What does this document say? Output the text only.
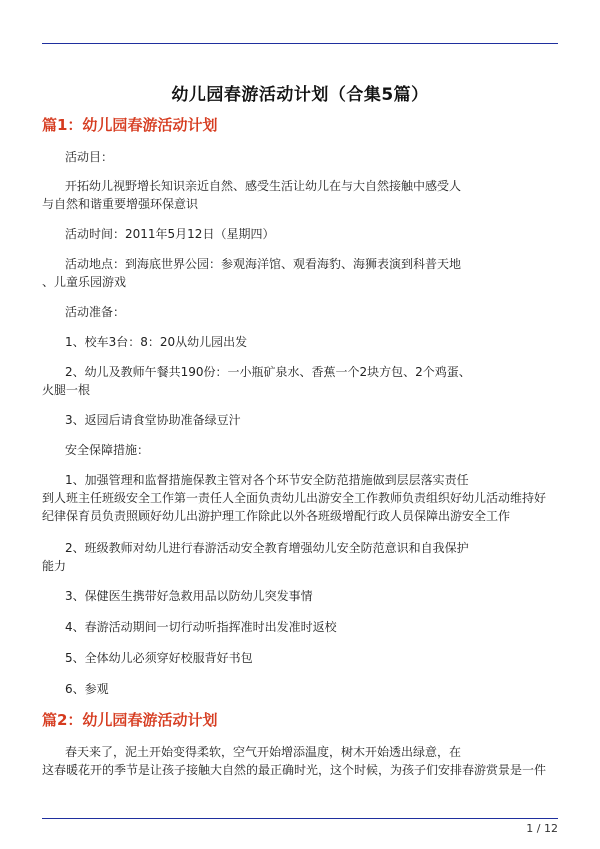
幼儿园春游活动计划（合集5篇）
篇1：幼儿园春游活动计划
活动目：
开拓幼儿视野增长知识亲近自然、感受生活让幼儿在与大自然接触中感受人
与自然和谐重要增强环保意识
活动时间：2011年5月12日（星期四）
活动地点：到海底世界公园：参观海洋馆、观看海豹、海狮表演到科普天地
、儿童乐园游戏
活动准备：
1、校车3台：8：20从幼儿园出发
2、幼儿及教师午餐共190份：一小瓶矿泉水、香蕉一个2块方包、2个鸡蛋、
火腿一根
3、返园后请食堂协助准备绿豆汁
安全保障措施：
1、加强管理和监督措施保教主管对各个环节安全防范措施做到层层落实责任
到人班主任班级安全工作第一责任人全面负责幼儿出游安全工作教师负责组织好幼儿活动维持好
纪律保育员负责照顾好幼儿出游护理工作除此以外各班级增配行政人员保障出游安全工作
2、班级教师对幼儿进行春游活动安全教育增强幼儿安全防范意识和自我保护
能力
3、保健医生携带好急救用品以防幼儿突发事情
4、春游活动期间一切行动听指挥准时出发准时返校
5、全体幼儿必须穿好校服背好书包
6、参观
篇2：幼儿园春游活动计划
春天来了，泥土开始变得柔软，空气开始增添温度，树木开始透出绿意，在
这春暖花开的季节是让孩子接触大自然的最正确时光，这个时候，为孩子们安排春游赏景是一件
1 / 12
